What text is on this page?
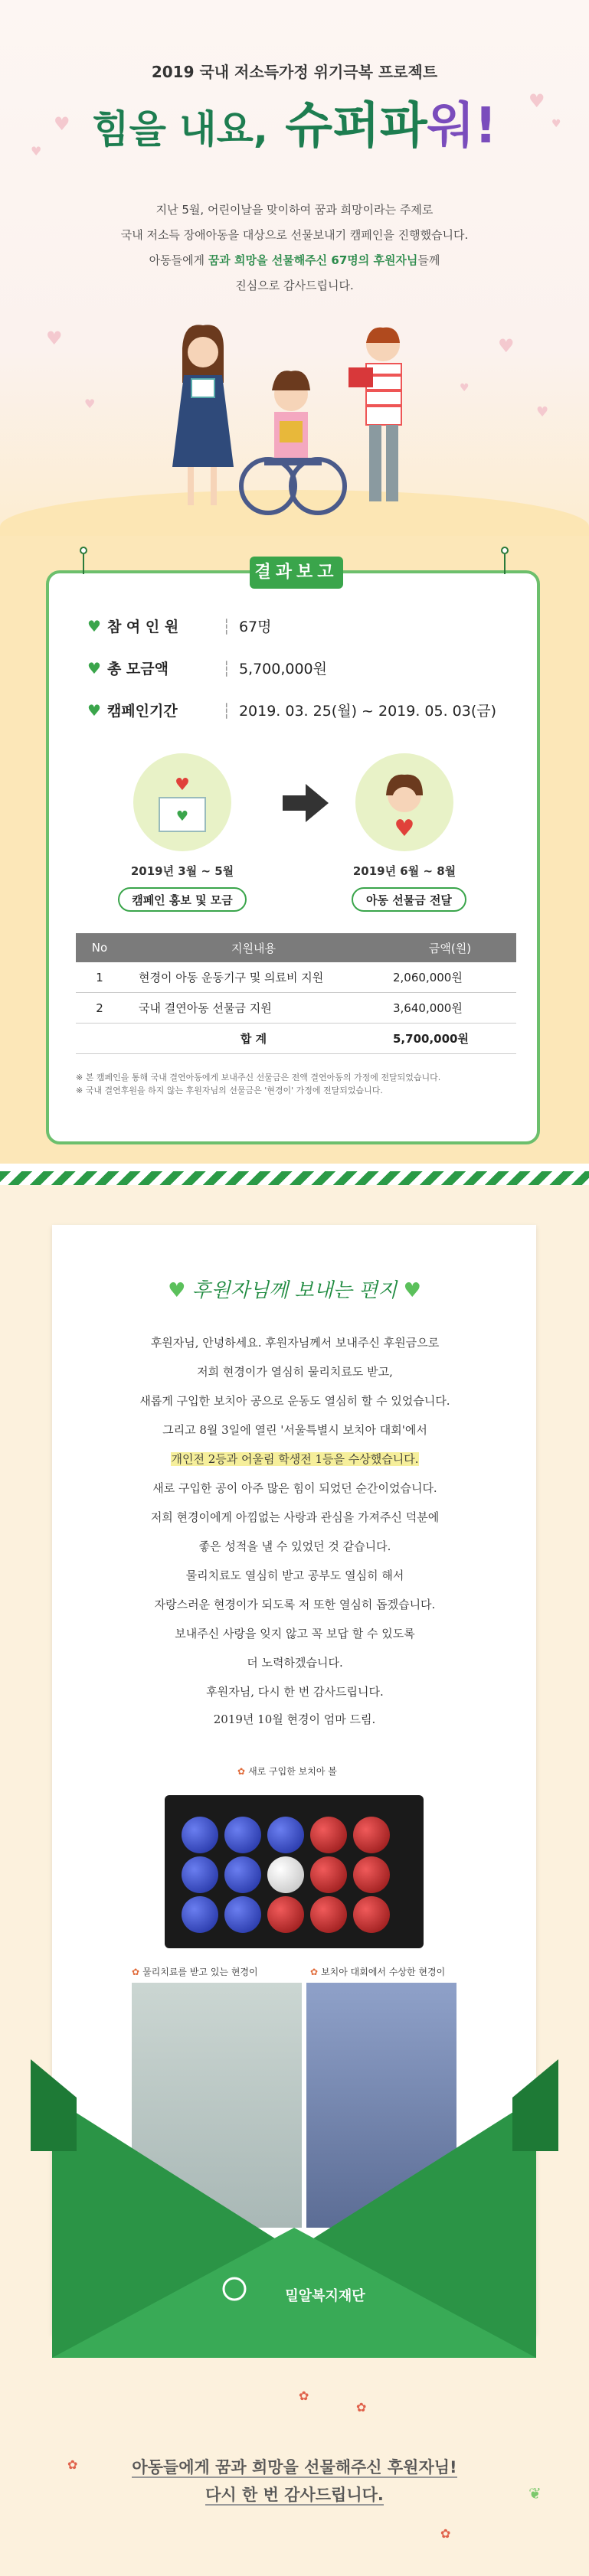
♥
♥
♥
♥
♥
♥
♥
♥
♥
2019 국내 저소득가정 위기극복 프로젝트
힘을 내요, 슈퍼파워!
지난 5월, 어린이날을 맞이하여 꿈과 희망이라는 주제로
국내 저소득 장애아동을 대상으로 선물보내기 캠페인을 진행했습니다.
아동들에게 꿈과 희망을 선물해주신 67명의 후원자님들께
진심으로 감사드립니다.
결과보고
♥ 참 여 인 원	┆ 67명
♥ 총 모금액	┆ 5,700,000원
♥ 캠페인기간	┆ 2019. 03. 25(월) ~ 2019. 05. 03(금)
♥
♥
♥
2019년 3월 ~ 5월	2019년 6월 ~ 8월
캠페인 홍보 및 모금	아동 선물금 전달
No	지원내용	금액(원)
1	현경이 아동 운동기구 및 의료비 지원	2,060,000원
2	국내 결연아동 선물금 지원	3,640,000원
	합 계	5,700,000원
※ 본 캠페인을 통해 국내 결연아동에게 보내주신 선물금은 전액 결연아동의 가정에 전달되었습니다.
※ 국내 결연후원을 하지 않는 후원자님의 선물금은 '현경이' 가정에 전달되었습니다.
♥ 후원자님께 보내는 편지 ♥
후원자님, 안녕하세요. 후원자님께서 보내주신 후원금으로
저희 현경이가 열심히 물리치료도 받고,
새롭게 구입한 보치아 공으로 운동도 열심히 할 수 있었습니다.
그리고 8월 3일에 열린 '서울특별시 보치아 대회'에서
개인전 2등과 어울림 학생전 1등을 수상했습니다.
새로 구입한 공이 아주 많은 힘이 되었던 순간이었습니다.
저희 현경이에게 아낌없는 사랑과 관심을 가져주신 덕분에
좋은 성적을 낼 수 있었던 것 같습니다.
물리치료도 열심히 받고 공부도 열심히 해서
자랑스러운 현경이가 되도록 저 또한 열심히 돕겠습니다.
보내주신 사랑을 잊지 않고 꼭 보답 할 수 있도록
더 노력하겠습니다.
후원자님, 다시 한 번 감사드립니다.
2019년 10월 현경이 엄마 드림.
✿ 새로 구입한 보치아 볼
✿ 물리치료를 받고 있는 현경이	✿ 보치아 대회에서 수상한 현경이
밀알복지재단
✿
✿
✿
✿
❦
아동들에게 꿈과 희망을 선물해주신 후원자님!
다시 한 번 감사드립니다.
